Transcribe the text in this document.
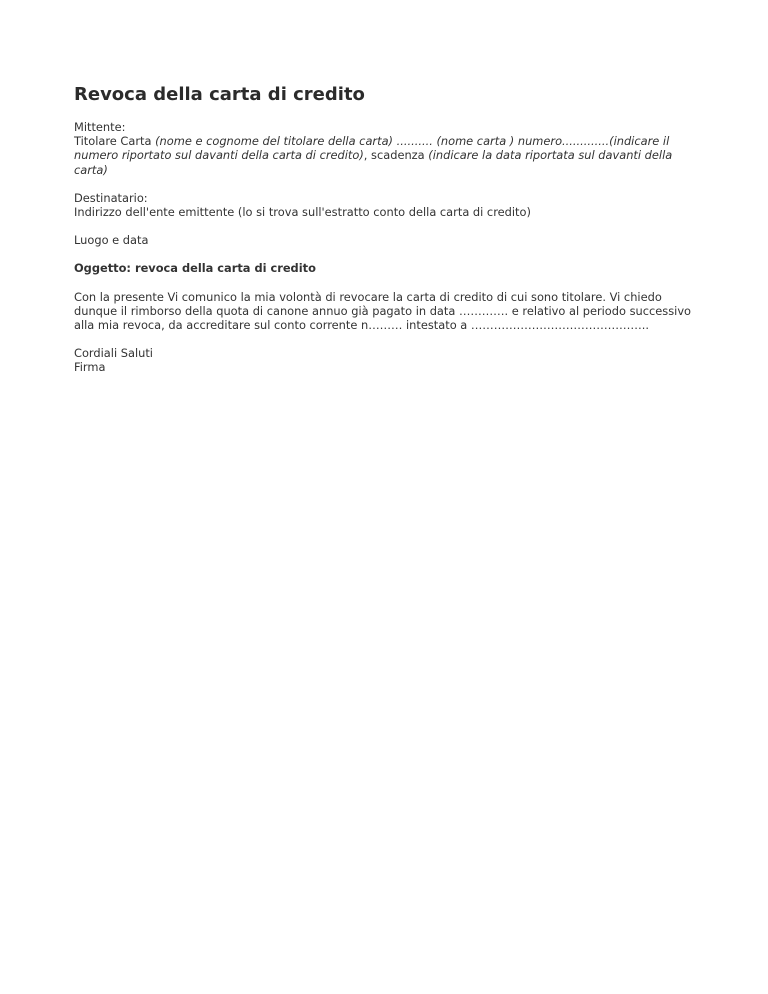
Revoca della carta di credito

Mittente:
Titolare Carta (nome e cognome del titolare della carta) .......... (nome carta ) numero.............(indicare il numero riportato sul davanti della carta di credito), scadenza (indicare la data riportata sul davanti della carta)

Destinatario:
Indirizzo dell'ente emittente (lo si trova sull'estratto conto della carta di credito)

Luogo e data

Oggetto: revoca della carta di credito

Con la presente Vi comunico la mia volontà di revocare la carta di credito di cui sono titolare. Vi chiedo dunque il rimborso della quota di canone annuo già pagato in data …………. e relativo al periodo successivo alla mia revoca, da accreditare sul conto corrente n……… intestato a ………………………………………..

Cordiali Saluti
Firma
